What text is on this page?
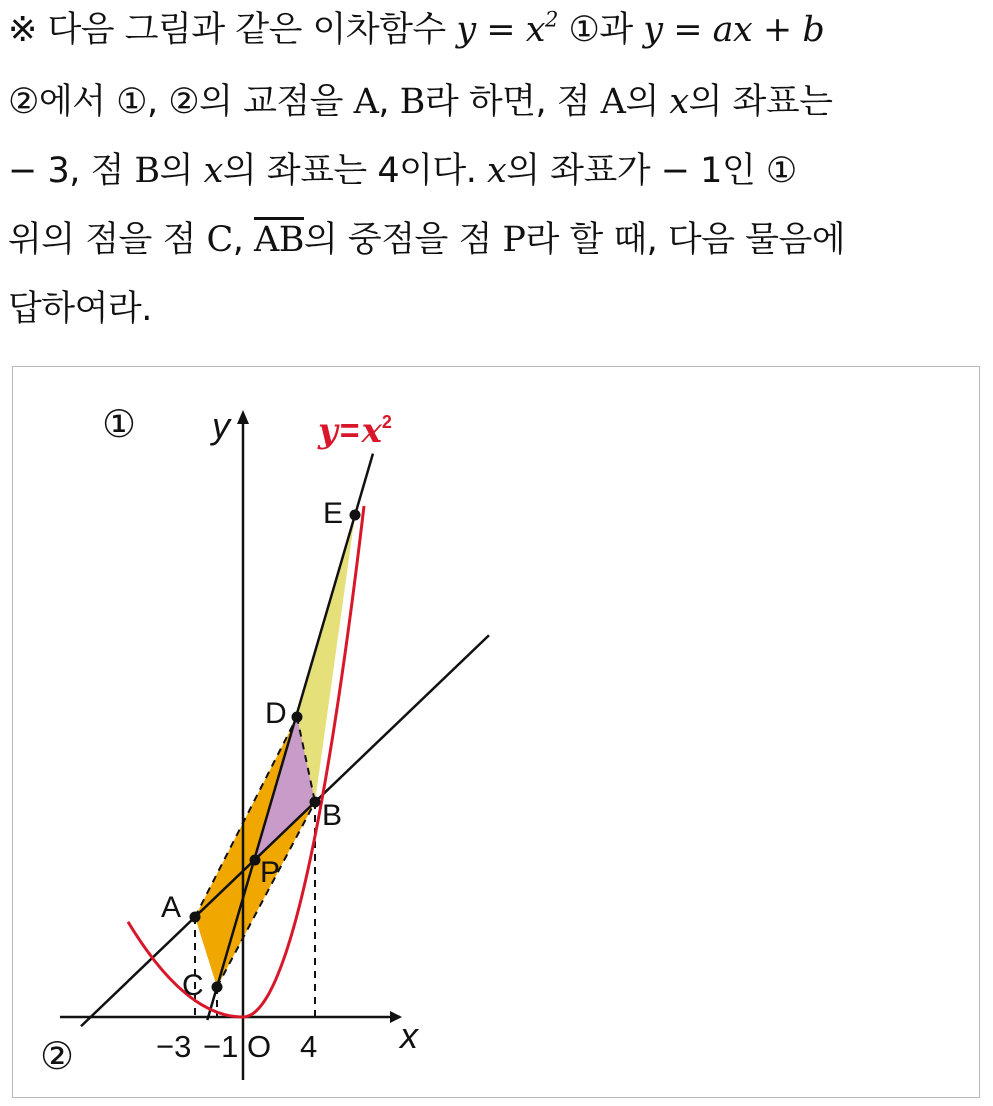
※ 다음 그림과 같은 이차함수 $y = x^2$ ①과 y = ax + b
②에서 ①, ②의 교점을 A, B라 하면, 점 A의 x의 좌표는
− 3, 점 B의 x의 좌표는 4이다. x의 좌표가 − 1인 ①
위의 점을 점 C, $\overline{AB}$의 중점을 점 P라 할 때, 다음 물음에
답하여라.
①
②
$y=x^2$
y
x
O
−3 −1 4
A
B
C
D
E
P
